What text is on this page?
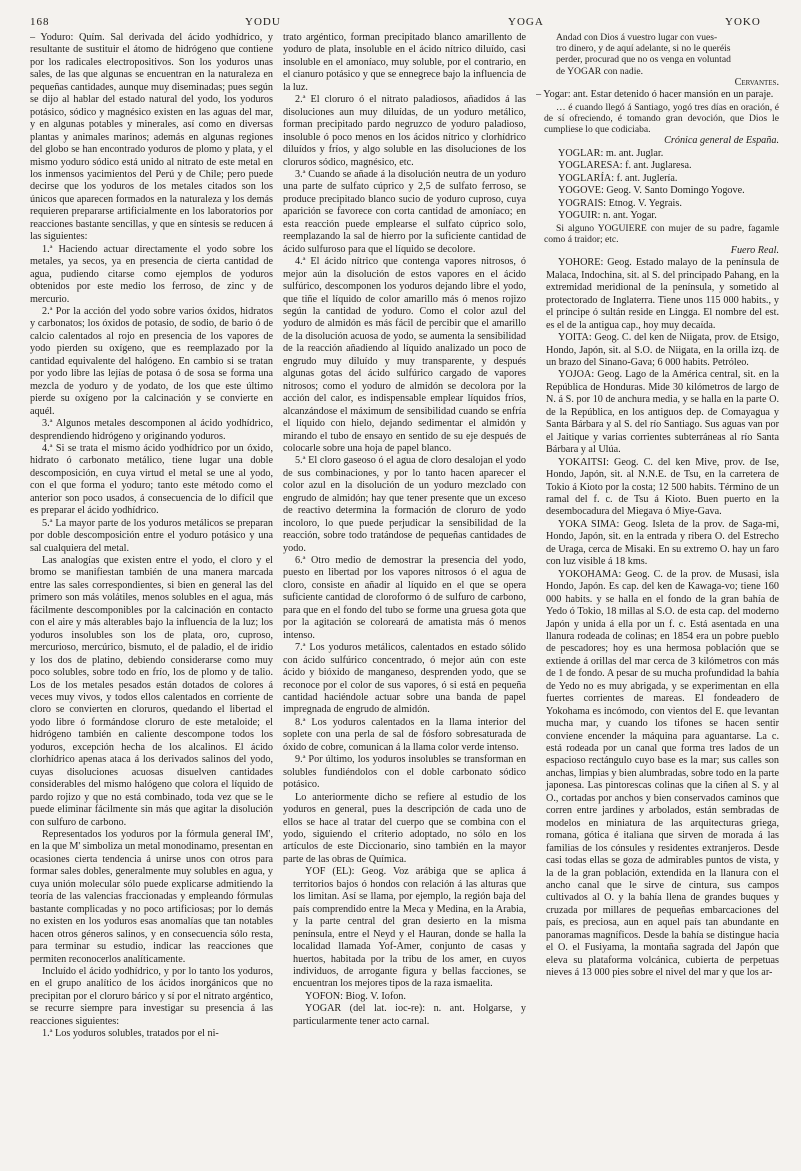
168	YODU	YOGA	YOKO

– Yoduro: Quím. Sal derivada del ácido yodhídrico, y resultante de sustituir el átomo de hidrógeno que contiene por los radicales electropositivos. Son los yoduros unas sales, de las que algunas se encuentran en la naturaleza en pequeñas cantidades, aunque muy diseminadas; pues según se dijo al hablar del estado natural del yodo, los yoduros potásico, sódico y magnésico existen en las aguas del mar, y en algunas potables y minerales, así como en diversas plantas y animales marinos; además en algunas regiones del globo se han encontrado yoduros de plomo y plata, y el mismo yoduro sódico está unido al nitrato de este metal en los inmensos yacimientos del Perú y de Chile; pero puede decirse que los yoduros de los metales citados son los únicos que aparecen formados en la naturaleza y los demás requieren prepararse artificialmente en los laboratorios por reacciones bastante sencillas, y que en síntesis se reducen á las siguientes:

1.ª Haciendo actuar directamente el yodo sobre los metales, ya secos, ya en presencia de cierta cantidad de agua, pudiendo citarse como ejemplos de yoduros obtenidos por este medio los ferroso, de zinc y de mercurio.

2.ª Por la acción del yodo sobre varios óxidos, hidratos y carbonatos; los óxidos de potasio, de sodio, de bario ó de calcio calentados al rojo en presencia de los vapores de yodo pierden su oxígeno, que es reemplazado por la cantidad equivalente del halógeno. En cambio si se tratan por yodo libre las lejías de potasa ó de sosa se forma una mezcla de yoduro y de yodato, de los que este último pierde su oxígeno por la calcinación y se convierte en aquél.

3.ª Algunos metales descomponen al ácido yodhídrico, desprendiendo hidrógeno y originando yoduros.

4.ª Si se trata el mismo ácido yodhídrico por un óxido, hidrato ó carbonato metálico, tiene lugar una doble descomposición, en cuya virtud el metal se une al yodo, con el que forma el yoduro; tanto este método como el anterior son poco usados, á consecuencia de lo difícil que es preparar el ácido yodhídrico.

5.ª La mayor parte de los yoduros metálicos se preparan por doble descomposición entre el yoduro potásico y una sal cualquiera del metal.

Las analogías que existen entre el yodo, el cloro y el bromo se manifiestan también de una manera marcada entre las sales correspondientes, si bien en general las del primero son más volátiles, menos solubles en el agua, más fácilmente descomponibles por la calcinación en contacto con el aire y más alterables bajo la influencia de la luz; los yoduros insolubles son los de plata, oro, cuproso, mercurioso, mercúrico, bismuto, el de paladio, el de iridio y los dos de platino, debiendo considerarse como muy poco solubles, sobre todo en frío, los de plomo y de talio. Los de los metales pesados están dotados de colores á veces muy vivos, y todos ellos calentados en corriente de cloro se convierten en cloruros, quedando el libertad el yodo libre ó formándose cloruro de este metaloide; el hidrógeno también en caliente descompone todos los yoduros, excepción hecha de los alcalinos. El ácido clorhídrico apenas ataca á los derivados salinos del yodo, cuyas disoluciones acuosas disuelven cantidades considerables del mismo halógeno que colora el líquido de pardo rojizo y que no está combinado, toda vez que se le puede eliminar fácilmente sin más que agitar la disolución con sulfuro de carbono.

Representados los yoduros por la fórmula general IM', en la que M' simboliza un metal monodinamo, presentan en ocasiones cierta tendencia á unirse unos con otros para formar sales dobles, generalmente muy solubles en agua, y cuya unión molecular sólo puede explicarse admitiendo la teoría de las valencias fraccionadas y empleando fórmulas bastante complicadas y no poco artificiosas; por lo demás no existen en los yoduros esas anomalías que tan notables hacen otros géneros salinos, y en consecuencia sólo resta, para terminar su estudio, indicar las reacciones que permiten reconocerlos analíticamente.

Incluído el ácido yodhídrico, y por lo tanto los yoduros, en el grupo analítico de los ácidos inorgánicos que no precipitan por el cloruro bárico y sí por el nitrato argéntico, se recurre siempre para investigar su presencia á las reacciones siguientes:

1.ª Los yoduros solubles, tratados por el ni-

trato argéntico, forman precipitado blanco amarillento de yoduro de plata, insoluble en el ácido nítrico diluído, casi insoluble en el amoníaco, muy soluble, por el contrario, en el cianuro potásico y que se ennegrece bajo la influencia de la luz.

2.ª El cloruro ó el nitrato paladiosos, añadidos á las disoluciones aun muy diluídas, de un yoduro metálico, forman precipitado pardo negruzco de yoduro paladioso, insoluble ó poco menos en los ácidos nítrico y clorhídrico diluídos y fríos, y algo soluble en las disoluciones de los cloruros sódico, magnésico, etc.

3.ª Cuando se añade á la disolución neutra de un yoduro una parte de sulfato cúprico y 2,5 de sulfato ferroso, se produce precipitado blanco sucio de yoduro cuproso, cuya aparición se favorece con corta cantidad de amoníaco; en esta reacción puede emplearse el sulfato cúprico solo, reemplazando la sal de hierro por la suficiente cantidad de ácido sulfuroso para que el líquido se decolore.

4.ª El ácido nítrico que contenga vapores nitrosos, ó mejor aún la disolución de estos vapores en el ácido sulfúrico, descomponen los yoduros dejando libre el yodo, que tiñe el líquido de color amarillo más ó menos rojizo según la cantidad de yoduro. Como el color azul del yoduro de almidón es más fácil de percibir que el amarillo de la disolución acuosa de yodo, se aumenta la sensibilidad de la reacción añadiendo al líquido analizado un poco de engrudo muy diluído y muy transparente, y después algunas gotas del ácido sulfúrico cargado de vapores nitrosos; como el yoduro de almidón se decolora por la acción del calor, es indispensable emplear líquidos fríos, alcanzándose el máximum de sensibilidad cuando se enfría el líquido con hielo, dejando sedimentar el almidón y mirando el tubo de ensayo en sentido de su eje después de colocarle sobre una hoja de papel blanco.

5.ª El cloro gaseoso ó el agua de cloro desalojan el yodo de sus combinaciones, y por lo tanto hacen aparecer el color azul en la disolución de un yoduro mezclado con engrudo de almidón; hay que tener presente que un exceso de reactivo determina la formación de cloruro de yodo incoloro, lo que puede perjudicar la sensibilidad de la reacción, sobre todo tratándose de pequeñas cantidades de yodo.

6.ª Otro medio de demostrar la presencia del yodo, puesto en libertad por los vapores nitrosos ó el agua de cloro, consiste en añadir al líquido en el que se opera suficiente cantidad de cloroformo ó de sulfuro de carbono, para que en el fondo del tubo se forme una gruesa gota que por la agitación se coloreará de amatista más ó menos intenso.

7.ª Los yoduros metálicos, calentados en estado sólido con ácido sulfúrico concentrado, ó mejor aún con este ácido y bióxido de manganeso, desprenden yodo, que se reconoce por el color de sus vapores, ó si está en pequeña cantidad haciéndole actuar sobre una banda de papel impregnada de engrudo de almidón.

8.ª Los yoduros calentados en la llama interior del soplete con una perla de sal de fósforo sobresaturada de óxido de cobre, comunican á la llama color verde intenso.

9.ª Por último, los yoduros insolubles se transforman en solubles fundiéndolos con el doble carbonato sódico potásico.

Lo anteriormente dicho se refiere al estudio de los yoduros en general, pues la descripción de cada uno de ellos se hace al tratar del cuerpo que se combina con el yodo, siguiendo el criterio adoptado, no sólo en los artículos de este Diccionario, sino también en la mayor parte de las obras de Química.

YOF (EL): Geog. Voz arábiga que se aplica á territorios bajos ó hondos con relación á las alturas que los limitan. Así se llama, por ejemplo, la región baja del país comprendido entre la Meca y Medina, en la Arabia, y la parte central del gran desierto en la misma península, entre el Neyd y el Hauran, donde se halla la localidad llamada Yof-Amer, conjunto de casas y huertos, habitada por la tribu de los amer, en cuyos individuos, de arrogante figura y bellas facciones, se encuentran los mejores tipos de la raza ismaelita.

YOFON: Biog. V. Iofon.

YOGAR (del lat. ioc‑re): n. ant. Holgarse, y particularmente tener acto carnal.

Andad con Dios á vuestro lugar con vues-

tro dinero, y de aquí adelante, si no le queréis

perder, procurad que no os venga en voluntad

de YOGAR con nadie.

Cervantes.

– Yogar: ant. Estar detenido ó hacer mansión en un paraje.

… é cuando llegó á Santiago, yogó tres días en oración, é de sí ofreciendo, é tomando gran devoción, que Dios le cumpliese lo que codiciaba.

Crónica general de España.

YOGLAR: m. ant. Juglar.

YOGLARESA: f. ant. Juglaresa.

YOGLARÍA: f. ant. Juglería.

YOGOVE: Geog. V. Santo Domingo Yogove.

YOGRAIS: Etnog. V. Yegrais.

YOGUIR: n. ant. Yogar.

Si alguno YOGUIERE con mujer de su padre, fagamle como á traidor; etc.

Fuero Real.

YOHORE: Geog. Estado malayo de la península de Malaca, Indochina, sit. al S. del principado Pahang, en la extremidad meridional de la península, y sometido al protectorado de Inglaterra. Tiene unos 115 000 habits., y el príncipe ó sultán reside en Lingga. El nombre del est. es el de la antigua cap., hoy muy decaída.

YOITA: Geog. C. del ken de Niigata, prov. de Etsigo, Hondo, Japón, sit. al S.O. de Niigata, en la orilla izq. de un brazo del Sinano-Gava; 6 000 habits. Petróleo.

YOJOA: Geog. Lago de la América central, sit. en la República de Honduras. Mide 30 kilómetros de largo de N. á S. por 10 de anchura media, y se halla en la parte O. de la República, en los antiguos dep. de Comayagua y Santa Bárbara y al S. del río Santiago. Sus aguas van por el Jaitique y varias corrientes subterráneas al río Santa Bárbara y al Ulúa.

YOKAITSI: Geog. C. del ken Mive, prov. de Ise, Hondo, Japón, sit. al N.N.E. de Tsu, en la carretera de Tokio á Kioto por la costa; 12 500 habits. Término de un ramal del f. c. de Tsu á Kioto. Buen puerto en la desembocadura del Miegava ó Miye-Gava.

YOKA SIMA: Geog. Isleta de la prov. de Saga-mi, Hondo, Japón, sit. en la entrada y ribera O. del Estrecho de Uraga, cerca de Misaki. En su extremo O. hay un faro con luz visible á 18 kms.

YOKOHAMA: Geog. C. de la prov. de Musasi, isla Hondo, Japón. Es cap. del ken de Kawaga-vo; tiene 160 000 habits. y se halla en el fondo de la gran bahía de Yedo ó Tokio, 18 millas al S.O. de esta cap. del moderno Japón y unida á ella por un f. c. Está asentada en una llanura rodeada de colinas; en 1854 era un pobre pueblo de pescadores; hoy es una hermosa población que se extiende á orillas del mar cerca de 3 kilómetros con más de 1 de fondo. A pesar de su mucha profundidad la bahía de Yedo no es muy abrigada, y se experimentan en ella fuertes corrientes de mareas. El fondeadero de Yokohama es incómodo, con vientos del E. que levantan mucha mar, y cuando los tifones se hacen sentir conviene encender la máquina para aguantarse. La c. está rodeada por un canal que forma tres lados de un espacioso rectángulo cuyo base es la mar; sus calles son anchas, limpias y bien alumbradas, sobre todo en la parte japonesa. Las pintorescas colinas que la ciñen al S. y al O., cortadas por anchos y bien conservados caminos que corren entre jardines y arbolados, están sembradas de modelos en miniatura de las arquitecturas griega, romana, gótica é italiana que sirven de morada á las familias de los cónsules y residentes extranjeros. Desde casi todas ellas se goza de admirables puntos de vista, y la de la gran población, extendida en la llanura con el ancho canal que le sirve de cintura, sus campos cultivados al O. y la bahía llena de grandes buques y cruzada por millares de pequeñas embarcaciones del país, es preciosa, aun en aquel país tan abundante en panoramas magníficos. Desde la bahía se distingue hacia el O. el Fusiyama, la montaña sagrada del Japón que eleva su plataforma volcánica, cubierta de perpetuas nieves á 13 000 pies sobre el nivel del mar y que los ar-
